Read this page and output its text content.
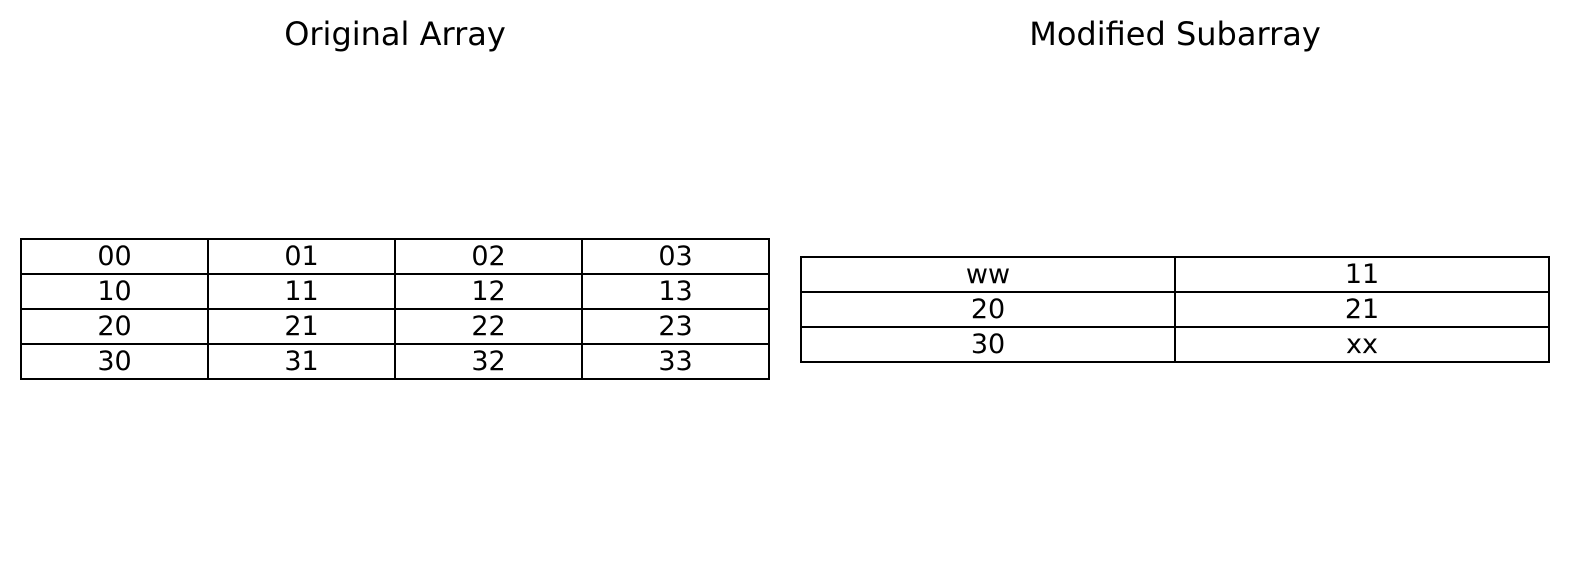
Original Array	Modified Subarray
00	01	02	03
10	11	12	13
20	21	22	23
30	31	32	33
ww	11
20	21
30	xx
